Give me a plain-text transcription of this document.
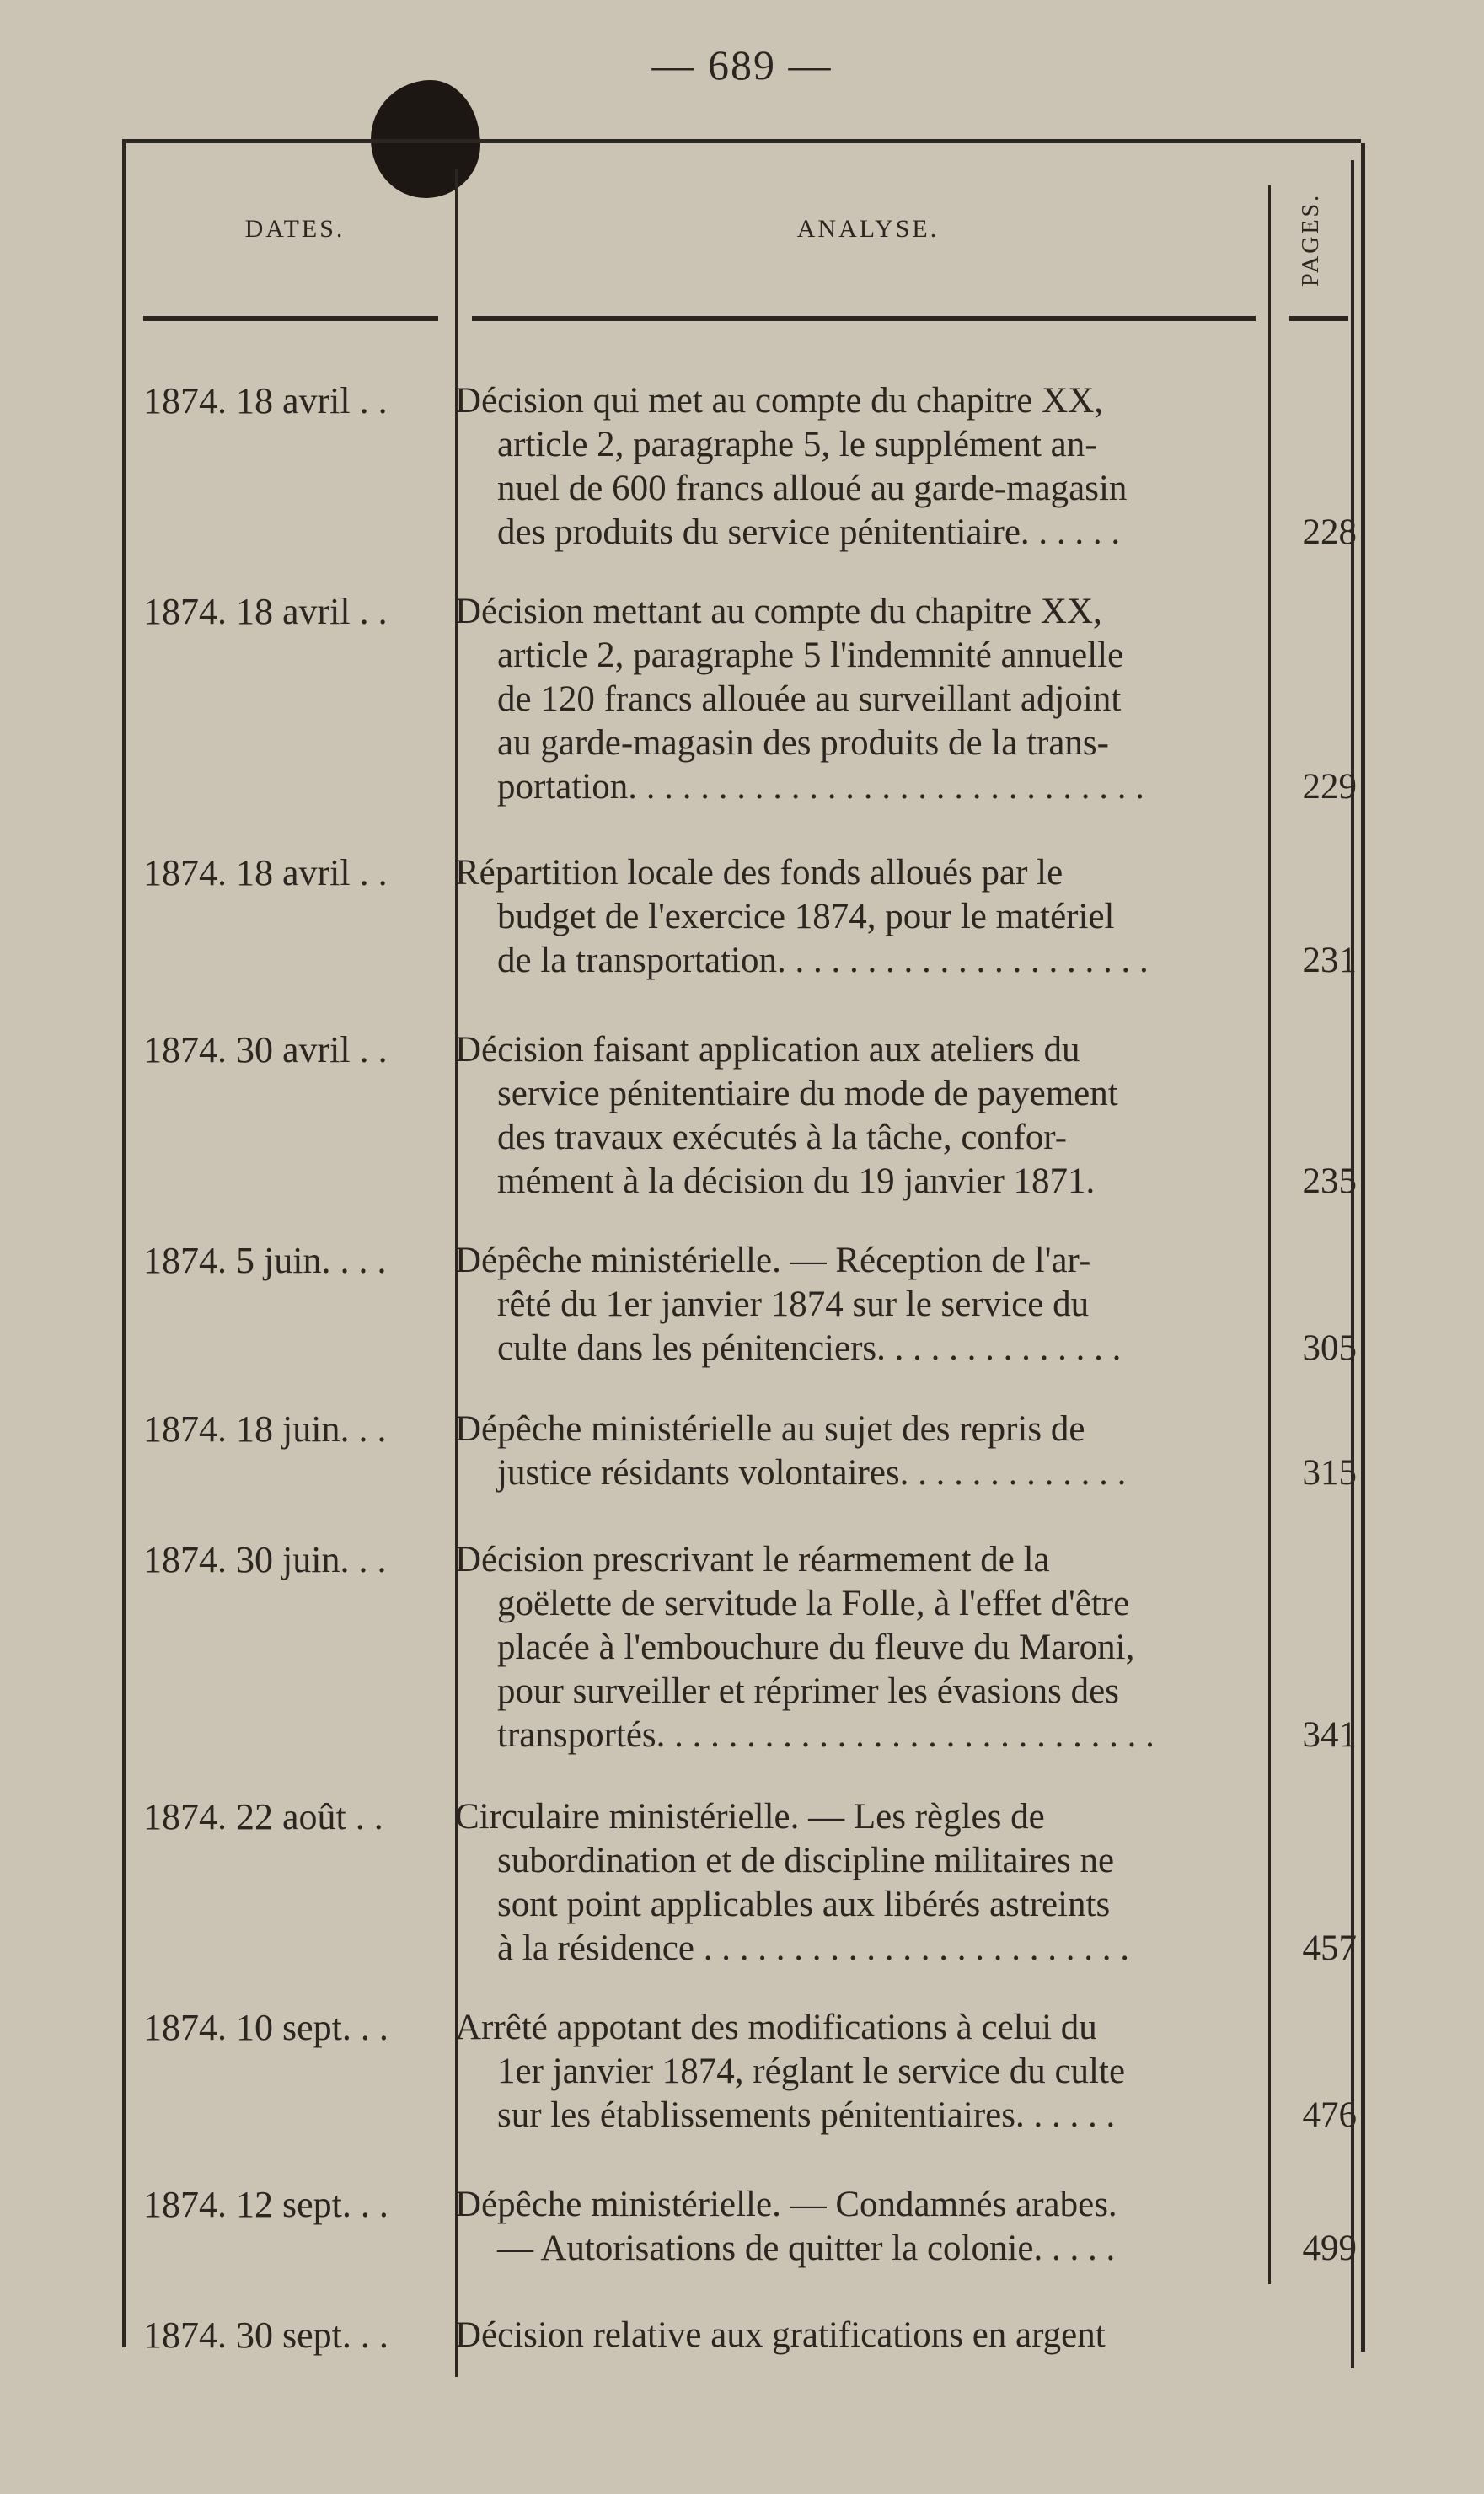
— 689 —
DATES.	ANALYSE.	PAGES.
1874. 18 avril . .	Décision qui met au compte du chapitre XX,
article 2, paragraphe 5, le supplément an-
nuel de 600 francs alloué au garde-magasin
des produits du service pénitentiaire. . . . . .	228
1874. 18 avril . .	Décision mettant au compte du chapitre XX,
article 2, paragraphe 5 l'indemnité annuelle
de 120 francs allouée au surveillant adjoint
au garde-magasin des produits de la trans-
portation. . . . . . . . . . . . . . . . . . . . . . . . . . . . .	229
1874. 18 avril . .	Répartition locale des fonds alloués par le
budget de l'exercice 1874, pour le matériel
de la transportation. . . . . . . . . . . . . . . . . . . . .	231
1874. 30 avril . .	Décision faisant application aux ateliers du
service pénitentiaire du mode de payement
des travaux exécutés à la tâche, confor-
mément à la décision du 19 janvier 1871.	235
1874. 5 juin. . . .	Dépêche ministérielle. — Réception de l'ar-
rêté du 1er janvier 1874 sur le service du
culte dans les pénitenciers. . . . . . . . . . . . . .	305
1874. 18 juin. . .	Dépêche ministérielle au sujet des repris de
justice résidants volontaires. . . . . . . . . . . . .	315
1874. 30 juin. . .	Décision prescrivant le réarmement de la
goëlette de servitude la Folle, à l'effet d'être
placée à l'embouchure du fleuve du Maroni,
pour surveiller et réprimer les évasions des
transportés. . . . . . . . . . . . . . . . . . . . . . . . . . . .	341
1874. 22 août . .	Circulaire ministérielle. — Les règles de
subordination et de discipline militaires ne
sont point applicables aux libérés astreints
à la résidence . . . . . . . . . . . . . . . . . . . . . . . .	457
1874. 10 sept. . .	Arrêté appotant des modifications à celui du
1er janvier 1874, réglant le service du culte
sur les établissements pénitentiaires. . . . . .	476
1874. 12 sept. . .	Dépêche ministérielle. — Condamnés arabes.
— Autorisations de quitter la colonie. . . . .	499
1874. 30 sept. . .	Décision relative aux gratifications en argent
